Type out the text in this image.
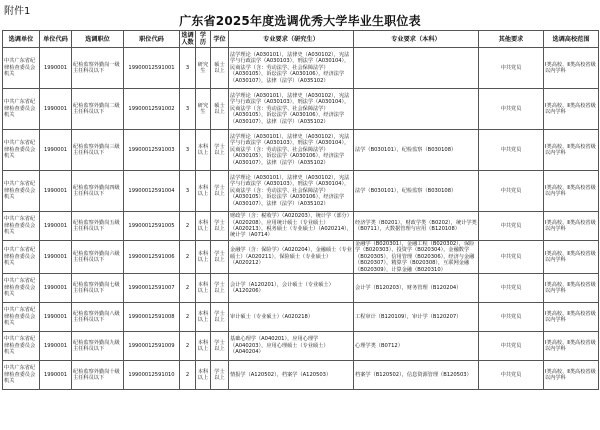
附件1
广东省2025年度选调优秀大学毕业生职位表
选调单位	单位代码	选调职位	职位代码	选调人数	学历	学位	专业要求（研究生）	专业要求（本科）	其他要求	选调高校范围
中共广东省纪律检查委员会机关	1990001	纪检监察外勤岗一级主任科员以下	19900012591001	3	研究生	硕士以上	法学理论（A030101），法律史（A030102），宪法学与行政法学（A030103），刑法学（A030104），民商法学（含：劳动法学、社会保障法学）（A030105），诉讼法学（A030106），经济法学（A030107），法律（法学）（A035102）		中共党员	Ⅰ类高校、Ⅱ类高校省级以内学科
中共广东省纪律检查委员会机关	1990001	纪检监察外勤岗二级主任科员以下	19900012591002	3	研究生	硕士以上	法学理论（A030101），法律史（A030102），宪法学与行政法学（A030103），刑法学（A030104），民商法学（含：劳动法学、社会保障法学）（A030105），诉讼法学（A030106），经济法学（A030107），法律（法学）（A035102）		中共党员	Ⅰ类高校、Ⅱ类高校省级以内学科
中共广东省纪律检查委员会机关	1990001	纪检监察外勤岗三级主任科员以下	19900012591003	3	本科以上	学士以上	法学理论（A030101），法律史（A030102），宪法学与行政法学（A030103），刑法学（A030104），民商法学（含：劳动法学、社会保障法学）（A030105），诉讼法学（A030106），经济法学（A030107），法律（法学）（A035102）	法学（B030101），纪检监察（B030108）	中共党员	Ⅰ类高校、Ⅱ类高校省级以内学科
中共广东省纪律检查委员会机关	1990001	纪检监察外勤岗四级主任科员以下	19900012591004	3	本科以上	学士以上	法学理论（A030101），法律史（A030102），宪法学与行政法学（A030103），刑法学（A030104），民商法学（含：劳动法学、社会保障法学）（A030105），诉讼法学（A030106），经济法学（A030107），法律（法学）（A035102）	法学（B030101），纪检监察（B030108）	中共党员	Ⅰ类高校、Ⅱ类高校省级以内学科
中共广东省纪律检查委员会机关	1990001	纪检监察外勤岗五级主任科员以下	19900012591005	2	本科以上	学士以上	财政学（含：税收学）（A020203），统计学（部分）（A020208），应用统计硕士（专业硕士）（A020213），税务硕士（专业硕士）（A020214），统计学（A0714）	经济学类（B0201），财政学类（B0202），统计学类（B0711），大数据管理与应用（B120108）	中共党员	Ⅰ类高校、Ⅱ类高校省级以内学科
中共广东省纪律检查委员会机关	1990001	纪检监察外勤岗六级主任科员以下	19900012591006	2	本科以上	学士以上	金融学（含：保险学）（A020204），金融硕士（专业硕士）（A020211），保险硕士（专业硕士）（A020212）	金融学（B020301），金融工程（B020302），保险学（B020303），投资学（B020304），金融数学（B020305），信用管理（B020306），经济与金融（B020307），精算学（B020308），互联网金融（B020309），计算金融（B020310）	中共党员	Ⅰ类高校、Ⅱ类高校省级以内学科
中共广东省纪律检查委员会机关	1990001	纪检监察外勤岗七级主任科员以下	19900012591007	2	本科以上	学士以上	会计学（A120201），会计硕士（专业硕士）（A120206）	会计学（B120203），财务管理（B120204）	中共党员	Ⅰ类高校、Ⅱ类高校省级以内学科
中共广东省纪律检查委员会机关	1990001	纪检监察外勤岗八级主任科员以下	19900012591008	2	本科以上	学士以上	审计硕士（专业硕士）（A020218）	工程审计（B120109），审计学（B120207）	中共党员	Ⅰ类高校、Ⅱ类高校省级以内学科
中共广东省纪律检查委员会机关	1990001	纪检监察外勤岗九级主任科员以下	19900012591009	2	本科以上	学士以上	基础心理学（A040201），应用心理学（A040203），应用心理硕士（专业硕士）（A040204）	心理学类（B0712）	中共党员	Ⅰ类高校、Ⅱ类高校省级以内学科
中共广东省纪律检查委员会机关	1990001	纪检监察外勤岗十级主任科员以下	19900012591010	2	本科以上	学士以上	情报学（A120502），档案学（A120503）	档案学（B120502），信息资源管理（B120503）	中共党员	Ⅰ类高校、Ⅱ类高校省级以内学科
